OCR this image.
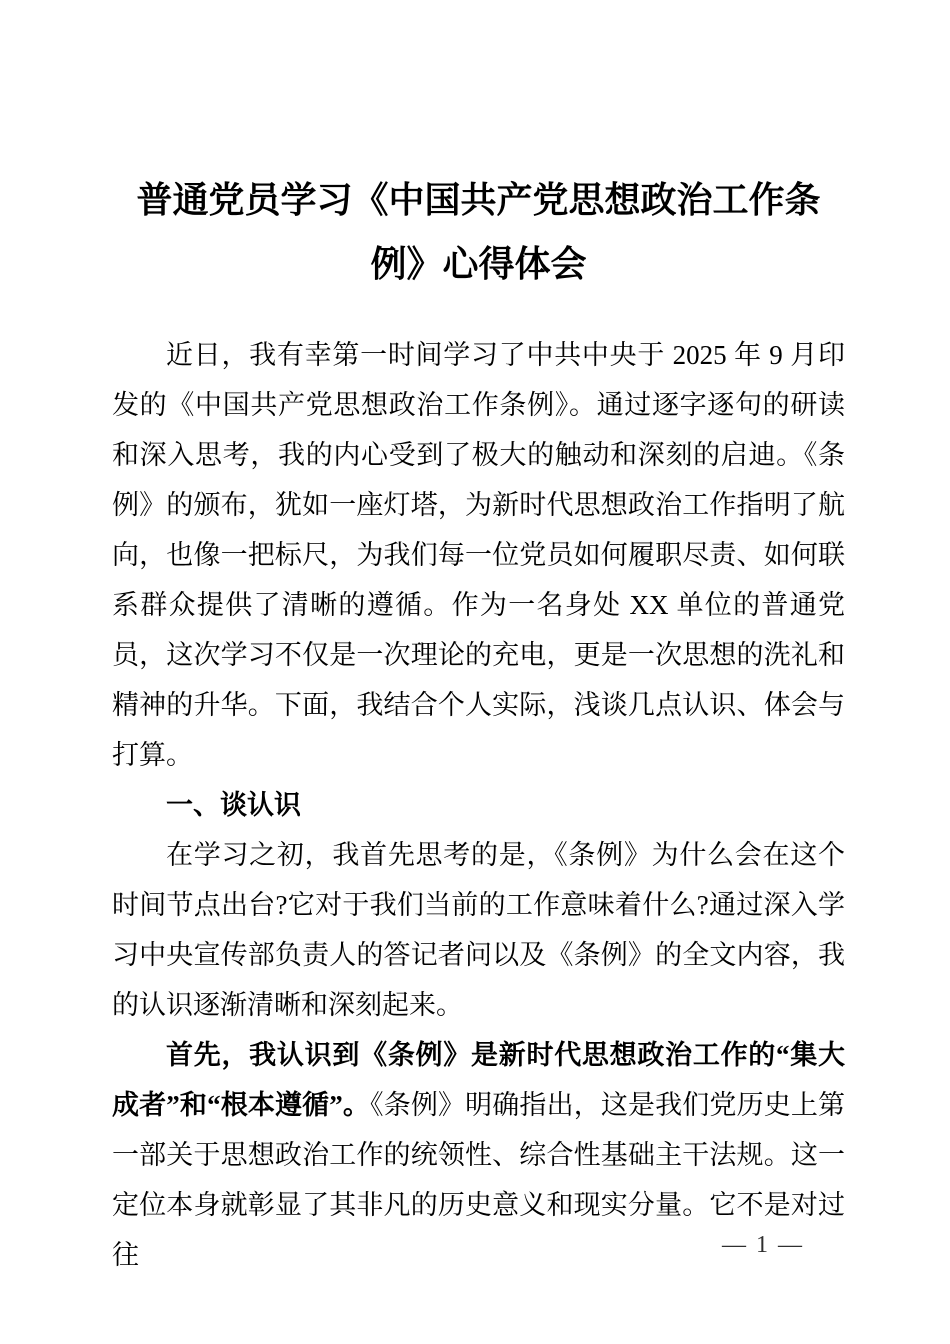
普通党员学习《中国共产党思想政治工作条例》心得体会

近日，我有幸第一时间学习了中共中央于 2025 年 9 月印发的《中国共产党思想政治工作条例》。通过逐字逐句的研读和深入思考，我的内心受到了极大的触动和深刻的启迪。《条例》的颁布，犹如一座灯塔，为新时代思想政治工作指明了航向，也像一把标尺，为我们每一位党员如何履职尽责、如何联系群众提供了清晰的遵循。作为一名身处 XX 单位的普通党员，这次学习不仅是一次理论的充电，更是一次思想的洗礼和精神的升华。下面，我结合个人实际，浅谈几点认识、体会与打算。

一、谈认识

在学习之初，我首先思考的是，《条例》为什么会在这个时间节点出台?它对于我们当前的工作意味着什么?通过深入学习中央宣传部负责人的答记者问以及《条例》的全文内容，我的认识逐渐清晰和深刻起来。

首先，我认识到《条例》是新时代思想政治工作的“集大成者”和“根本遵循”。《条例》明确指出，这是我们党历史上第一部关于思想政治工作的统领性、综合性基础主干法规。这一定位本身就彰显了其非凡的历史意义和现实分量。它不是对过往	— 1 —
